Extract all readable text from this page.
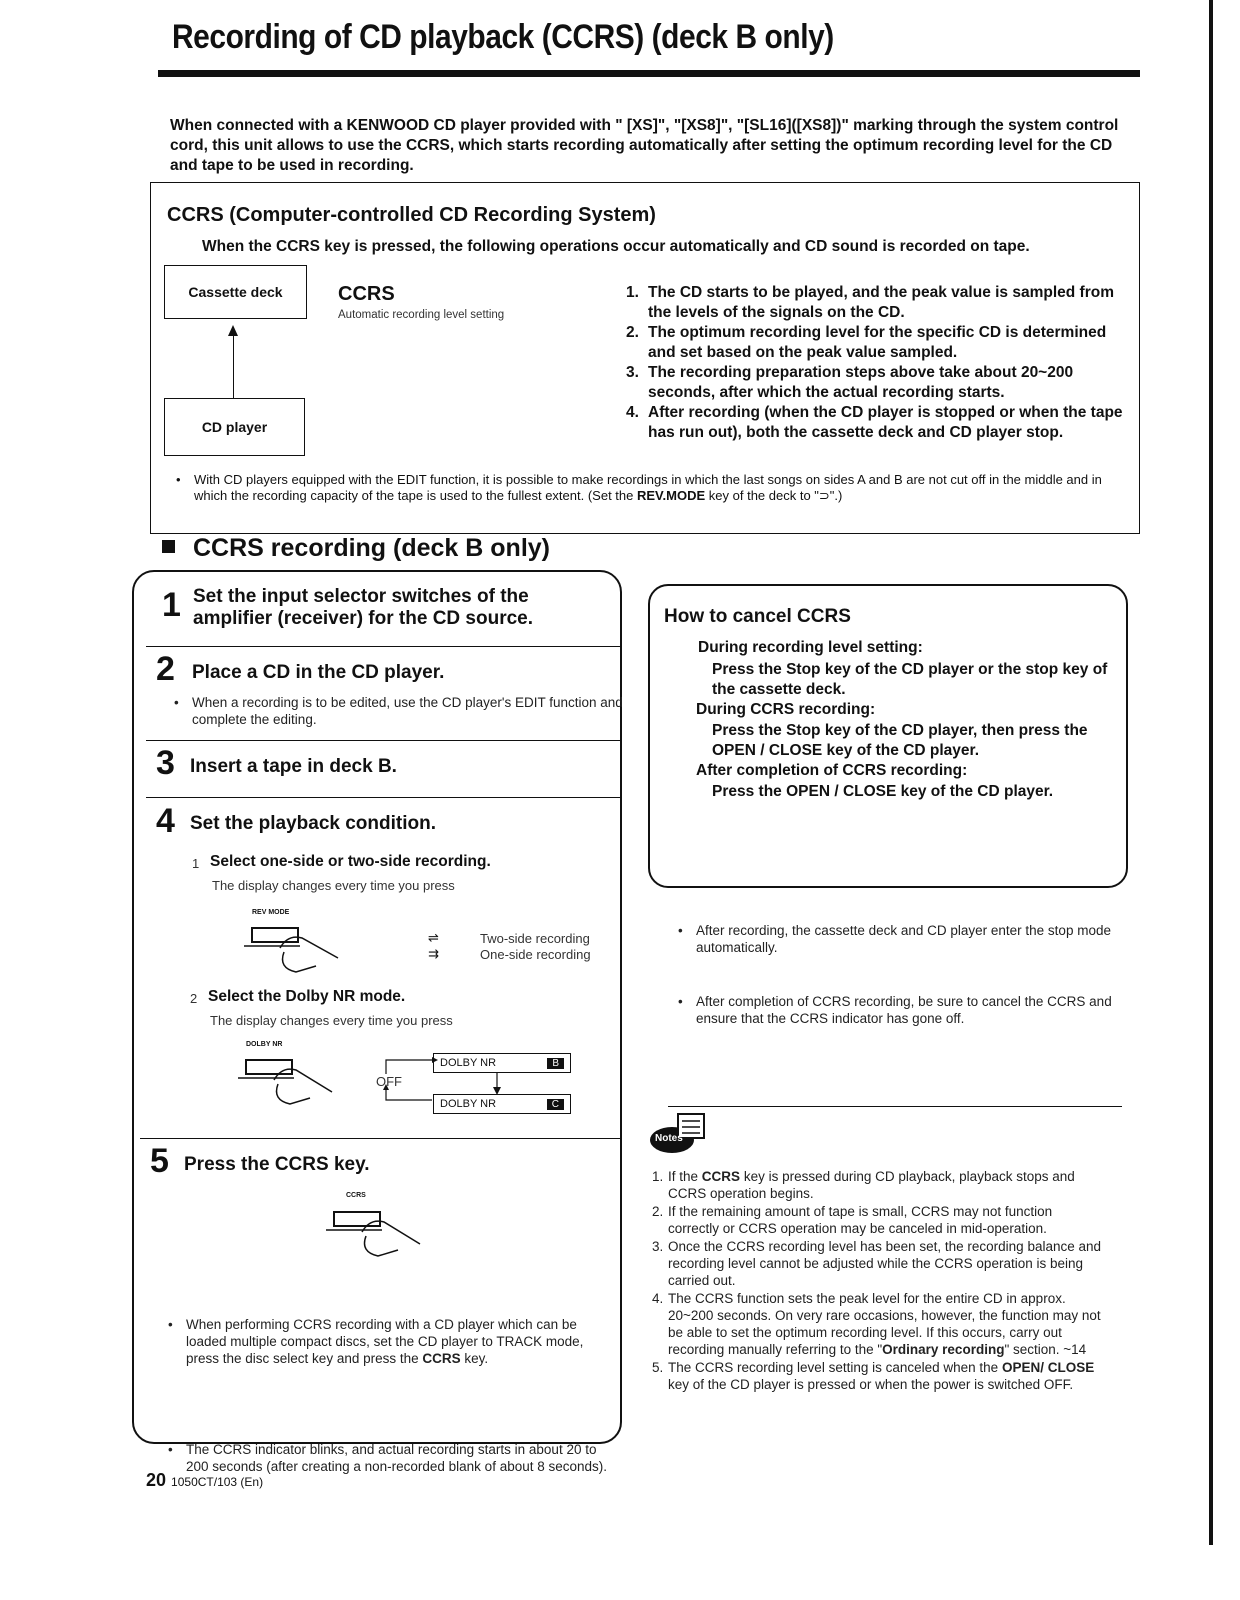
Recording of CD playback (CCRS) (deck B only)
When connected with a KENWOOD CD player provided with " [XS]", "[XS8]", "[SL16]([XS8])" marking through the system control cord, this unit allows to use the CCRS, which starts recording automatically after setting the optimum recording level for the CD and tape to be used in recording.
CCRS (Computer-controlled CD Recording System)
When the CCRS key is pressed, the following operations occur automatically and CD sound is recorded on tape.
Cassette deck
CD player
CCRS
Automatic recording level setting
1. The CD starts to be played, and the peak value is sampled from the levels of the signals on the CD.
2. The optimum recording level for the specific CD is determined and set based on the peak value sampled.
3. The recording preparation steps above take about 20~200 seconds, after which the actual recording starts.
4. After recording (when the CD player is stopped or when the tape has run out), both the cassette deck and CD player stop.
• With CD players equipped with the EDIT function, it is possible to make recordings in which the last songs on sides A and B are not cut off in the middle and in which the recording capacity of the tape is used to the fullest extent. (Set the REV.MODE key of the deck to "⊃".)
CCRS recording (deck B only)
1 Set the input selector switches of the amplifier (receiver) for the CD source.
2 Place a CD in the CD player.
• When a recording is to be edited, use the CD player's EDIT function and complete the editing.
3 Insert a tape in deck B.
4 Set the playback condition.
1 Select one-side or two-side recording.
The display changes every time you press
REV MODE
⇌	Two-side recording
⇉	One-side recording
2 Select the Dolby NR mode.
The display changes every time you press
DOLBY NR
OFF
DOLBY NR	B
DOLBY NR	C
5 Press the CCRS key.
CCRS
• When performing CCRS recording with a CD player which can be loaded multiple compact discs, set the CD player to TRACK mode, press the disc select key and press the CCRS key.
• The CCRS indicator blinks, and actual recording starts in about 20 to 200 seconds (after creating a non-recorded blank of about 8 seconds).
How to cancel CCRS
During recording level setting:
Press the Stop key of the CD player or the stop key of the cassette deck.
During CCRS recording:
Press the Stop key of the CD player, then press the OPEN / CLOSE key of the CD player.
After completion of CCRS recording:
Press the OPEN / CLOSE key of the CD player.
• After recording, the cassette deck and CD player enter the stop mode automatically.
• After completion of CCRS recording, be sure to cancel the CCRS and ensure that the CCRS indicator has gone off.
Notes
1. If the CCRS key is pressed during CD playback, playback stops and CCRS operation begins.
2. If the remaining amount of tape is small, CCRS may not function correctly or CCRS operation may be canceled in mid-operation.
3. Once the CCRS recording level has been set, the recording balance and recording level cannot be adjusted while the CCRS operation is being carried out.
4. The CCRS function sets the peak level for the entire CD in approx. 20~200 seconds. On very rare occasions, however, the function may not be able to set the optimum recording level. If this occurs, carry out recording manually referring to the "Ordinary recording" section. ~14
5. The CCRS recording level setting is canceled when the OPEN/ CLOSE key of the CD player is pressed or when the power is switched OFF.
20 1050CT/103 (En)
